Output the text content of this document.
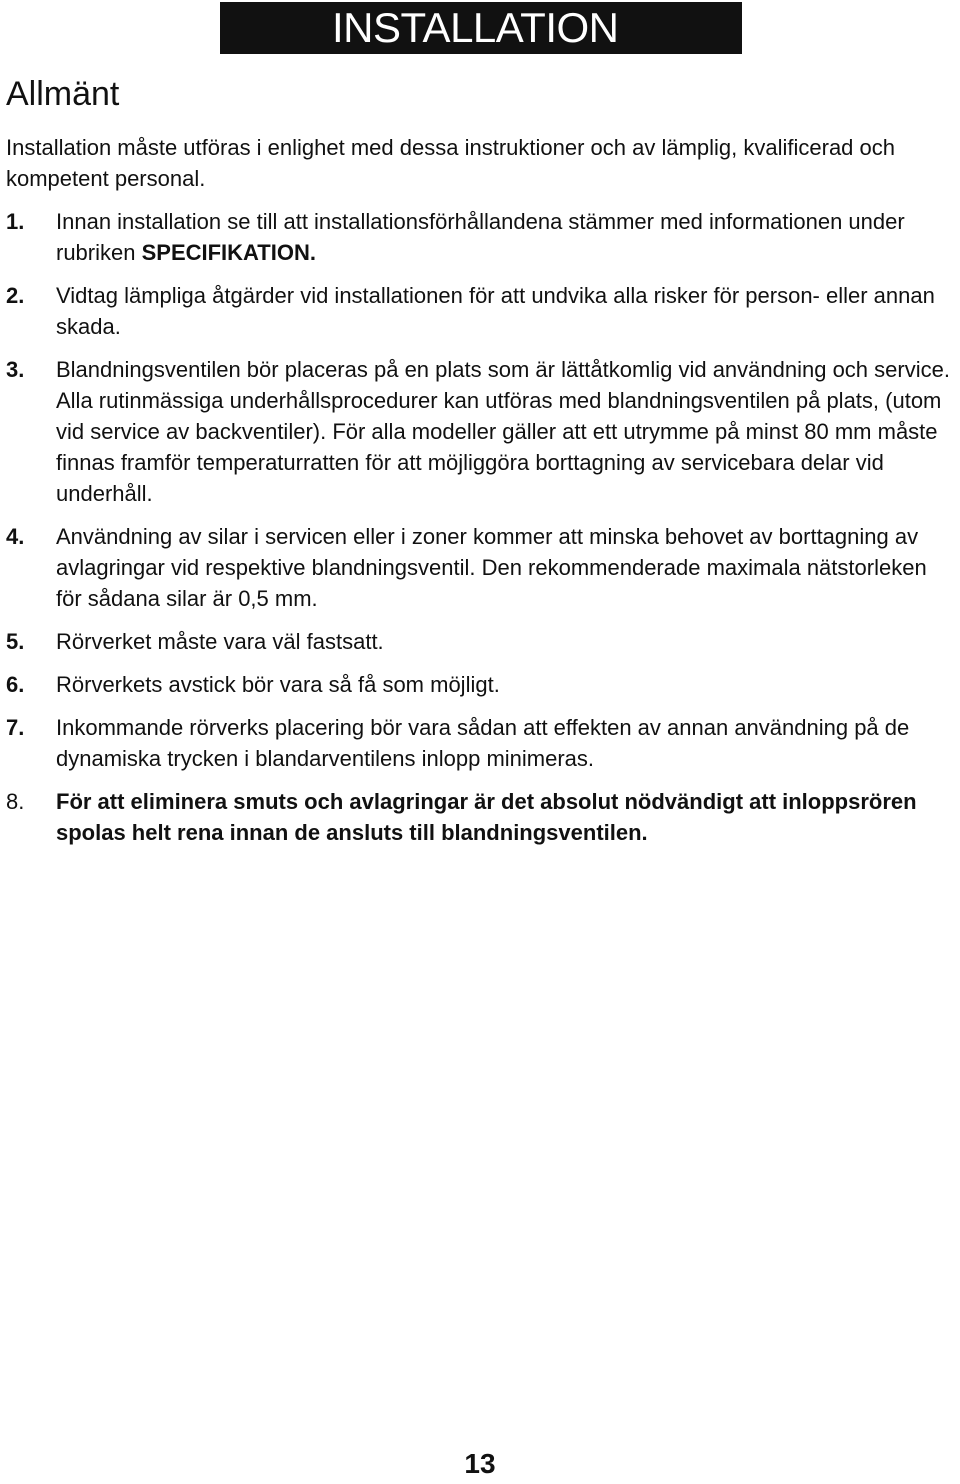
INSTALLATION
Allmänt

Installation måste utföras i enlighet med dessa instruktioner och av lämplig, kvalificerad och kompetent personal.

1.	Innan installation se till att installationsförhållandena stämmer med informationen under rubriken SPECIFIKATION.
2.	Vidtag lämpliga åtgärder vid installationen för att undvika alla risker för person- eller annan skada.
3.	Blandningsventilen bör placeras på en plats som är lättåtkomlig vid användning och service. Alla rutinmässiga underhållsprocedurer kan utföras med blandningsventilen på plats, (utom vid service av backventiler). För alla modeller gäller att ett utrymme på minst 80 mm måste finnas framför temperaturratten för att möjliggöra borttagning av servicebara delar vid underhåll.
4.	Användning av silar i servicen eller i zoner kommer att minska behovet av borttagning av avlagringar vid respektive blandningsventil. Den rekommenderade maximala nätstorleken för sådana silar är 0,5 mm.
5.	Rörverket måste vara väl fastsatt.
6.	Rörverkets avstick bör vara så få som möjligt.
7.	Inkommande rörverks placering bör vara sådan att effekten av annan användning på de dynamiska trycken i blandarventilens inlopp minimeras.
8.	För att eliminera smuts och avlagringar är det absolut nödvändigt att inloppsrören spolas helt rena innan de ansluts till blandningsventilen.
13
